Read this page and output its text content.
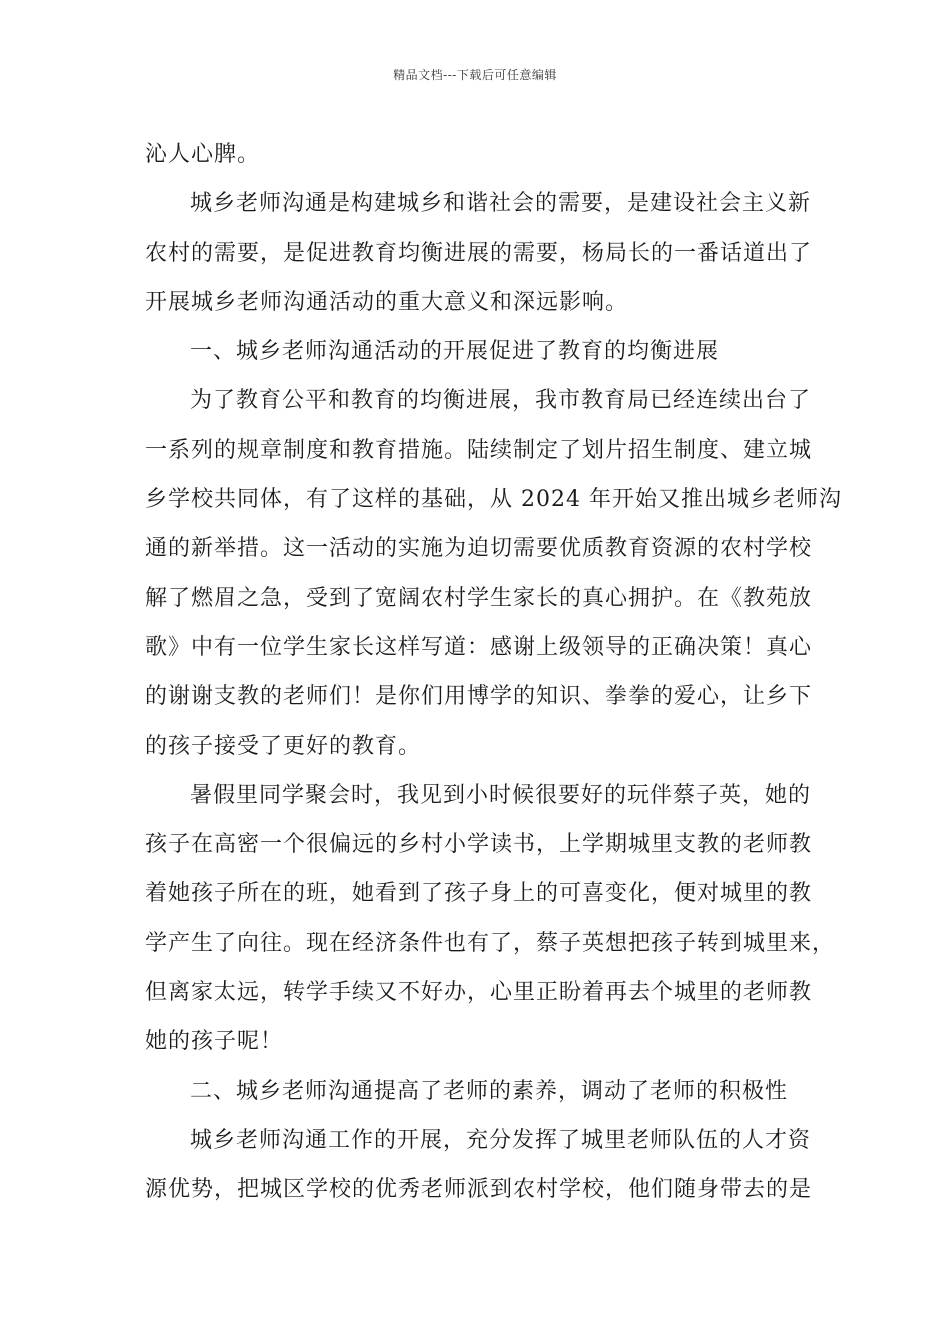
精品文档---下载后可任意编辑
沁人心脾。
城乡老师沟通是构建城乡和谐社会的需要，是建设社会主义新
农村的需要，是促进教育均衡进展的需要，杨局长的一番话道出了
开展城乡老师沟通活动的重大意义和深远影响。
一、城乡老师沟通活动的开展促进了教育的均衡进展
为了教育公平和教育的均衡进展，我市教育局已经连续出台了
一系列的规章制度和教育措施。陆续制定了划片招生制度、建立城
乡学校共同体，有了这样的基础，从 2024 年开始又推出城乡老师沟
通的新举措。这一活动的实施为迫切需要优质教育资源的农村学校
解了燃眉之急，受到了宽阔农村学生家长的真心拥护。在《教苑放
歌》中有一位学生家长这样写道：感谢上级领导的正确决策！真心
的谢谢支教的老师们！是你们用博学的知识、拳拳的爱心，让乡下
的孩子接受了更好的教育。
暑假里同学聚会时，我见到小时候很要好的玩伴蔡子英，她的
孩子在高密一个很偏远的乡村小学读书，上学期城里支教的老师教
着她孩子所在的班，她看到了孩子身上的可喜变化，便对城里的教
学产生了向往。现在经济条件也有了，蔡子英想把孩子转到城里来，
但离家太远，转学手续又不好办，心里正盼着再去个城里的老师教
她的孩子呢！
二、城乡老师沟通提高了老师的素养，调动了老师的积极性
城乡老师沟通工作的开展，充分发挥了城里老师队伍的人才资
源优势，把城区学校的优秀老师派到农村学校，他们随身带去的是
